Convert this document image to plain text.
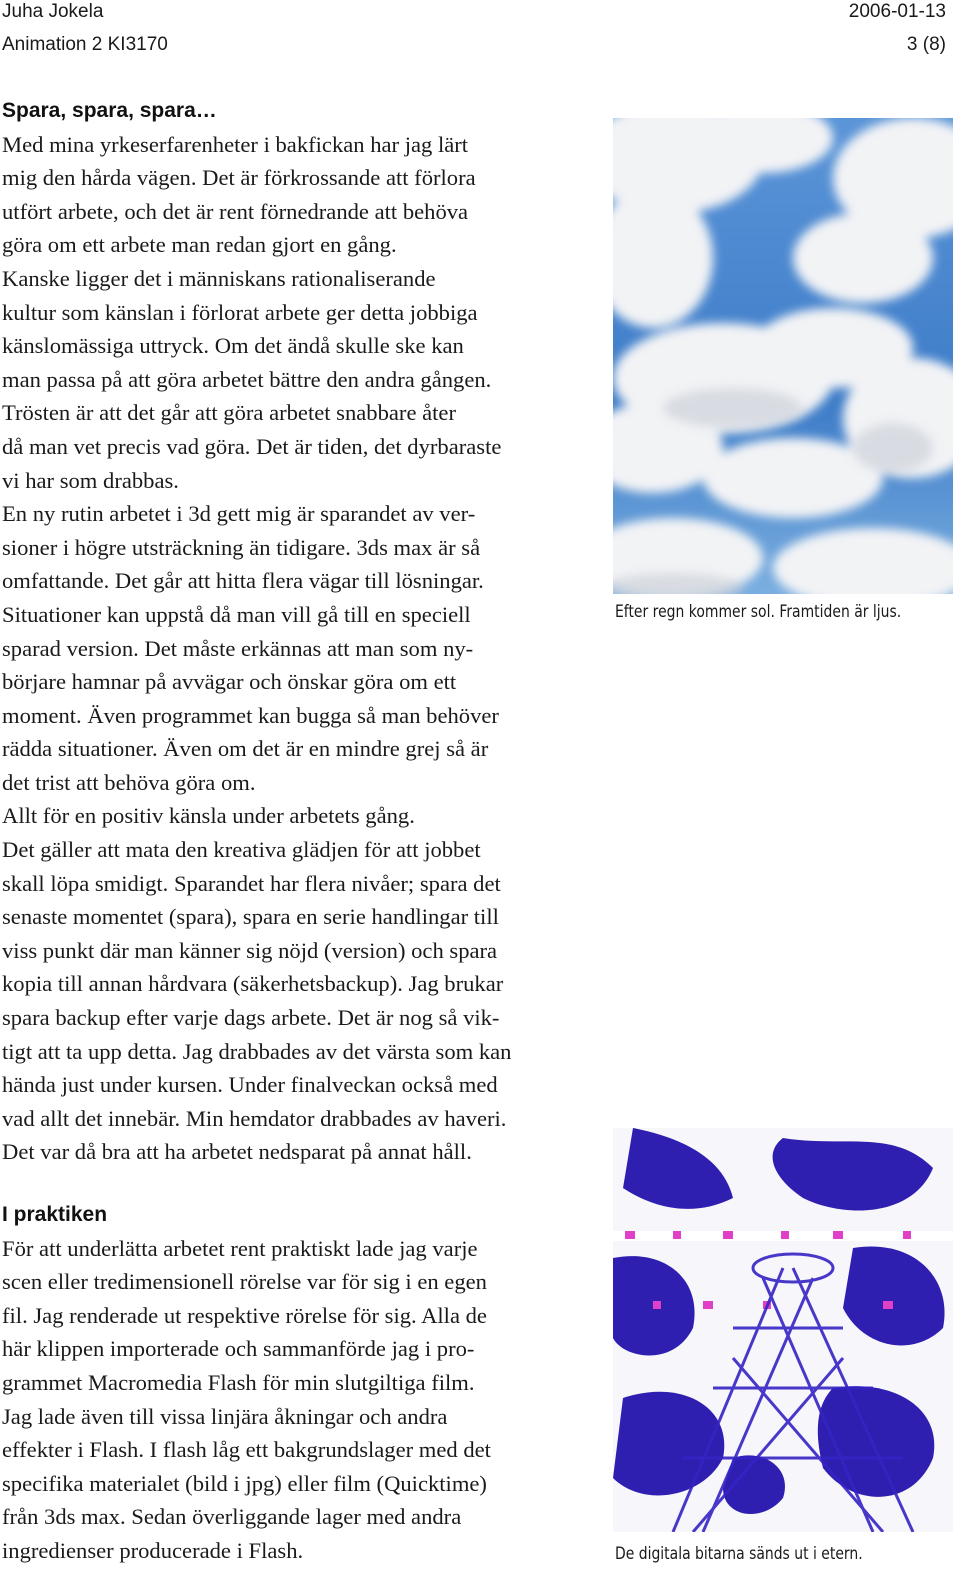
Juha Jokela	2006-01-13
Animation 2 KI3170	3 (8)
Spara, spara, spara…
Med mina yrkeserfarenheter i bakfickan har jag lärt
mig den hårda vägen. Det är förkrossande att förlora
utfört arbete, och det är rent förnedrande att behöva
göra om ett arbete man redan gjort en gång.
Kanske ligger det i människans rationaliserande
kultur som känslan i förlorat arbete ger detta jobbiga
känslomässiga uttryck. Om det ändå skulle ske kan
man passa på att göra arbetet bättre den andra gången.
Trösten är att det går att göra arbetet snabbare åter
då man vet precis vad göra. Det är tiden, det dyrbaraste
vi har som drabbas.
En ny rutin arbetet i 3d gett mig är sparandet av ver-
sioner i högre utsträckning än tidigare. 3ds max är så
omfattande. Det går att hitta flera vägar till lösningar.
Situationer kan uppstå då man vill gå till en speciell
sparad version. Det måste erkännas att man som ny-
börjare hamnar på avvägar och önskar göra om ett
moment. Även programmet kan bugga så man behöver
rädda situationer. Även om det är en mindre grej så är
det trist att behöva göra om.
Allt för en positiv känsla under arbetets gång.
Det gäller att mata den kreativa glädjen för att jobbet
skall löpa smidigt. Sparandet har flera nivåer; spara det
senaste momentet (spara), spara en serie handlingar till
viss punkt där man känner sig nöjd (version) och spara
kopia till annan hårdvara (säkerhetsbackup). Jag brukar
spara backup efter varje dags arbete. Det är nog så vik-
tigt att ta upp detta. Jag drabbades av det värsta som kan
hända just under kursen. Under finalveckan också med
vad allt det innebär. Min hemdator drabbades av haveri.
Det var då bra att ha arbetet nedsparat på annat håll.
I praktiken
För att underlätta arbetet rent praktiskt lade jag varje
scen eller tredimensionell rörelse var för sig i en egen
fil. Jag renderade ut respektive rörelse för sig. Alla de
här klippen importerade och sammanförde jag i pro-
grammet Macromedia Flash för min slutgiltiga film.
Jag lade även till vissa linjära åkningar och andra
effekter i Flash. I flash låg ett bakgrundslager med det
specifika materialet (bild i jpg) eller film (Quicktime)
från 3ds max. Sedan överliggande lager med andra
ingredienser producerade i Flash.
Efter regn kommer sol. Framtiden är ljus.
De digitala bitarna sänds ut i etern.
